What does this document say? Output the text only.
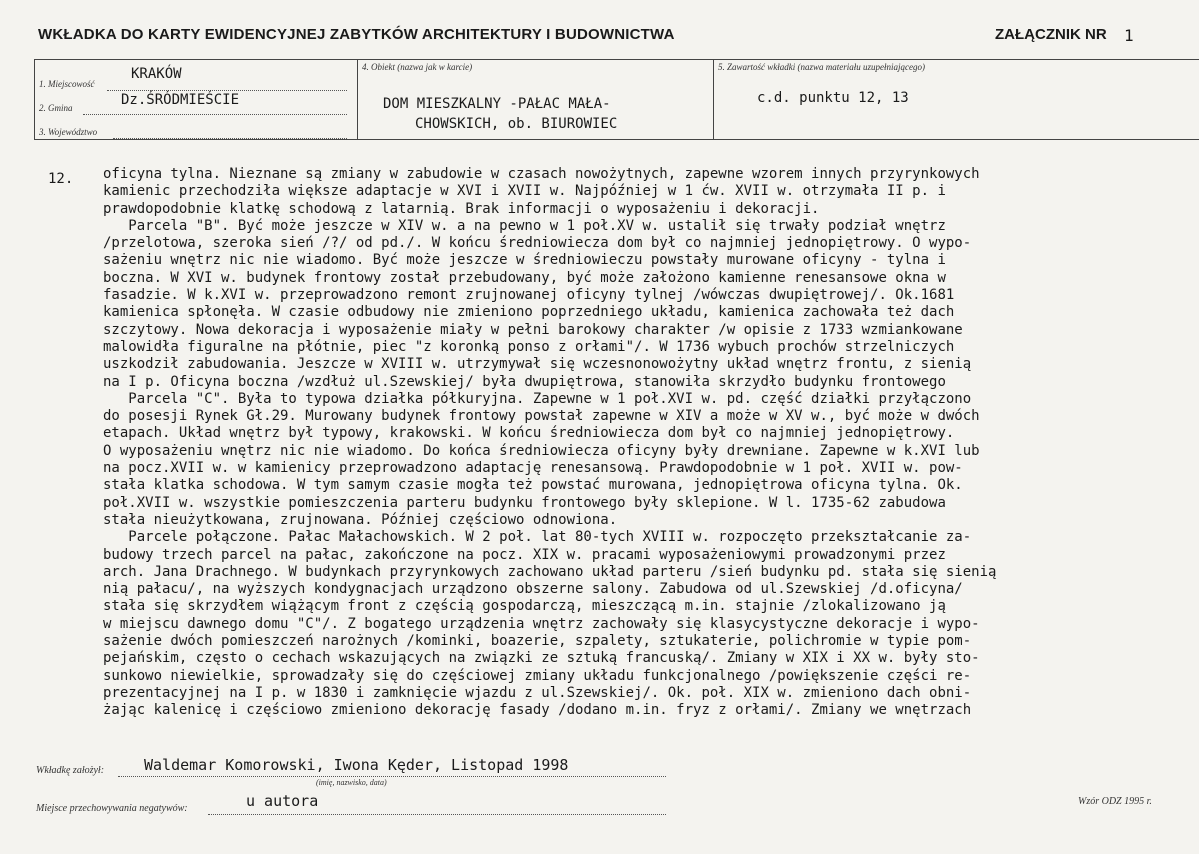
WKŁADKA DO KARTY EWIDENCYJNEJ ZABYTKÓW ARCHITEKTURY I BUDOWNICTWA	ZAŁĄCZNIK NR 1
1. Miejscowość
KRAKÓW
2. Gmina	Dz.ŚRÓDMIEŚCIE
3. Województwo
4. Obiekt (nazwa jak w karcie)
DOM MIESZKALNY -PAŁAC MAŁA-
CHOWSKICH, ob. BIUROWIEC
5. Zawartość wkładki (nazwa materiału uzupełniającego)
c.d. punktu 12, 13
12. oficyna tylna. Nieznane są zmiany w zabudowie w czasach nowożytnych, zapewne wzorem innych przyrynkowych
kamienic przechodziła większe adaptacje w XVI i XVII w. Najpóźniej w 1 ćw. XVII w. otrzymała II p. i
prawdopodobnie klatkę schodową z latarnią. Brak informacji o wyposażeniu i dekoracji.
Parcela "B". Być może jeszcze w XIV w. a na pewno w 1 poł.XV w. ustalił się trwały podział wnętrz
/przelotowa, szeroka sień /?/ od pd./. W końcu średniowiecza dom był co najmniej jednopiętrowy. O wypo-
sażeniu wnętrz nic nie wiadomo. Być może jeszcze w średniowieczu powstały murowane oficyny - tylna i
boczna. W XVI w. budynek frontowy został przebudowany, być może założono kamienne renesansowe okna w
fasadzie. W k.XVI w. przeprowadzono remont zrujnowanej oficyny tylnej /wówczas dwupiętrowej/. Ok.1681
kamienica spłonęła. W czasie odbudowy nie zmieniono poprzedniego układu, kamienica zachowała też dach
szczytowy. Nowa dekoracja i wyposażenie miały w pełni barokowy charakter /w opisie z 1733 wzmiankowane
malowidła figuralne na płótnie, piec "z koronką ponso z orłami"/. W 1736 wybuch prochów strzelniczych
uszkodził zabudowania. Jeszcze w XVIII w. utrzymywał się wczesnonowożytny układ wnętrz frontu, z sienią
na I p. Oficyna boczna /wzdłuż ul.Szewskiej/ była dwupiętrowa, stanowiła skrzydło budynku frontowego
Parcela "C". Była to typowa działka półkuryjna. Zapewne w 1 poł.XVI w. pd. część działki przyłączono
do posesji Rynek Gł.29. Murowany budynek frontowy powstał zapewne w XIV a może w XV w., być może w dwóch
etapach. Układ wnętrz był typowy, krakowski. W końcu średniowiecza dom był co najmniej jednopiętrowy.
O wyposażeniu wnętrz nic nie wiadomo. Do końca średniowiecza oficyny były drewniane. Zapewne w k.XVI lub
na pocz.XVII w. w kamienicy przeprowadzono adaptację renesansową. Prawdopodobnie w 1 poł. XVII w. pow-
stała klatka schodowa. W tym samym czasie mogła też powstać murowana, jednopiętrowa oficyna tylna. Ok.
poł.XVII w. wszystkie pomieszczenia parteru budynku frontowego były sklepione. W l. 1735-62 zabudowa
stała nieużytkowana, zrujnowana. Później częściowo odnowiona.
Parcele połączone. Pałac Małachowskich. W 2 poł. lat 80-tych XVIII w. rozpoczęto przekształcanie za-
budowy trzech parcel na pałac, zakończone na pocz. XIX w. pracami wyposażeniowymi prowadzonymi przez
arch. Jana Drachnego. W budynkach przyrynkowych zachowano układ parteru /sień budynku pd. stała się sienią
nią pałacu/, na wyższych kondygnacjach urządzono obszerne salony. Zabudowa od ul.Szewskiej /d.oficyna/
stała się skrzydłem wiążącym front z częścią gospodarczą, mieszczącą m.in. stajnie /zlokalizowano ją
w miejscu dawnego domu "C"/. Z bogatego urządzenia wnętrz zachowały się klasycystyczne dekoracje i wypo-
sażenie dwóch pomieszczeń narożnych /kominki, boazerie, szpalety, sztukaterie, polichromie w typie pom-
pejańskim, często o cechach wskazujących na związki ze sztuką francuską/. Zmiany w XIX i XX w. były sto-
sunkowo niewielkie, sprowadzały się do częściowej zmiany układu funkcjonalnego /powiększenie części re-
prezentacyjnej na I p. w 1830 i zamknięcie wjazdu z ul.Szewskiej/. Ok. poł. XIX w. zmieniono dach obni-
żając kalenicę i częściowo zmieniono dekorację fasady /dodano m.in. fryz z orłami/. Zmiany we wnętrzach
Wkładkę założył:	Waldemar Komorowski, Iwona Kęder, Listopad 1998
(imię, nazwisko, data)
Miejsce przechowywania negatywów:	u autora	Wzór ODZ 1995 r.
